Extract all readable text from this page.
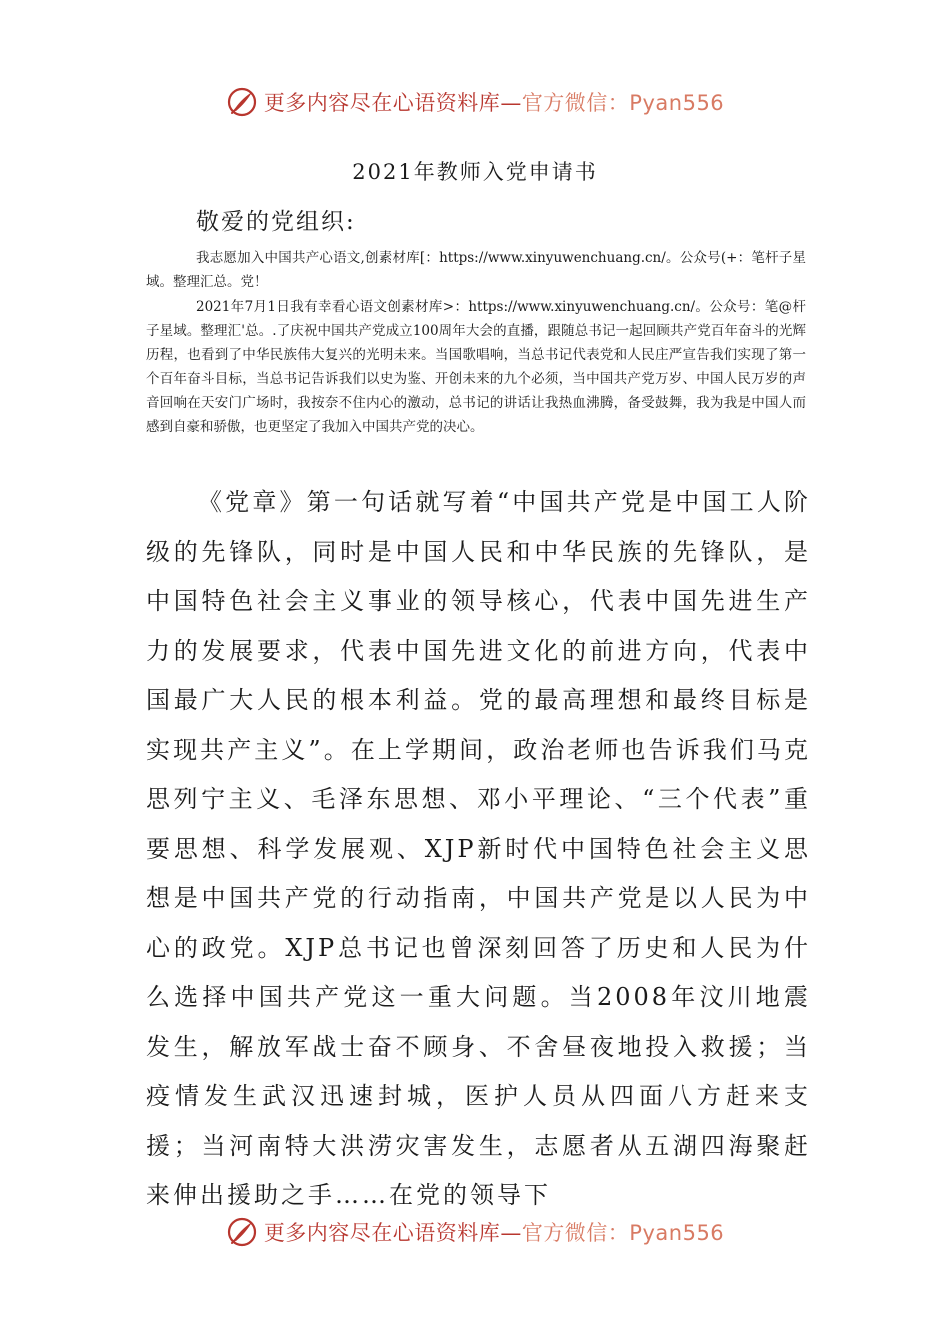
更多内容尽在心语资料库—官方微信：Pyan556
2021年教师入党申请书
敬爱的党组织:
我志愿加入中国共产心语文,创素材库[：https://www.xinyuwenchuang.cn/。公众号(+：笔杆子星域。整理汇总。党！
2021年7月1日我有幸看心语文创素材库>：https://www.xinyuwenchuang.cn/。公众号：笔@杆子星域。整理汇'总。.了庆祝中国共产党成立100周年大会的直播，跟随总书记一起回顾共产党百年奋斗的光辉历程，也看到了中华民族伟大复兴的光明未来。当国歌唱响，当总书记代表党和人民庄严宣告我们实现了第一个百年奋斗目标，当总书记告诉我们以史为鉴、开创未来的九个必须，当中国共产党万岁、中国人民万岁的声音回响在天安门广场时，我按奈不住内心的激动，总书记的讲话让我热血沸腾，备受鼓舞，我为我是中国人而感到自豪和骄傲，也更坚定了我加入中国共产党的决心。
《党章》第一句话就写着“中国共产党是中国工人阶级的先锋队，同时是中国人民和中华民族的先锋队，是中国特色社会主义事业的领导核心，代表中国先进生产力的发展要求，代表中国先进文化的前进方向，代表中国最广大人民的根本利益。党的最高理想和最终目标是实现共产主义”。在上学期间，政治老师也告诉我们马克思列宁主义、毛泽东思想、邓小平理论、“三个代表”重要思想、科学发展观、XJP新时代中国特色社会主义思想是中国共产党的行动指南，中国共产党是以人民为中心的政党。XJP总书记也曾深刻回答了历史和人民为什么选择中国共产党这一重大问题。当2008年汶川地震发生，解放军战士奋不顾身、不舍昼夜地投入救援；当疫情发生武汉迅速封城，医护人员从四面八方赶来支援；当河南特大洪涝灾害发生，志愿者从五湖四海聚赶来伸出援助之手……在党的领导下
更多内容尽在心语资料库—官方微信：Pyan556
